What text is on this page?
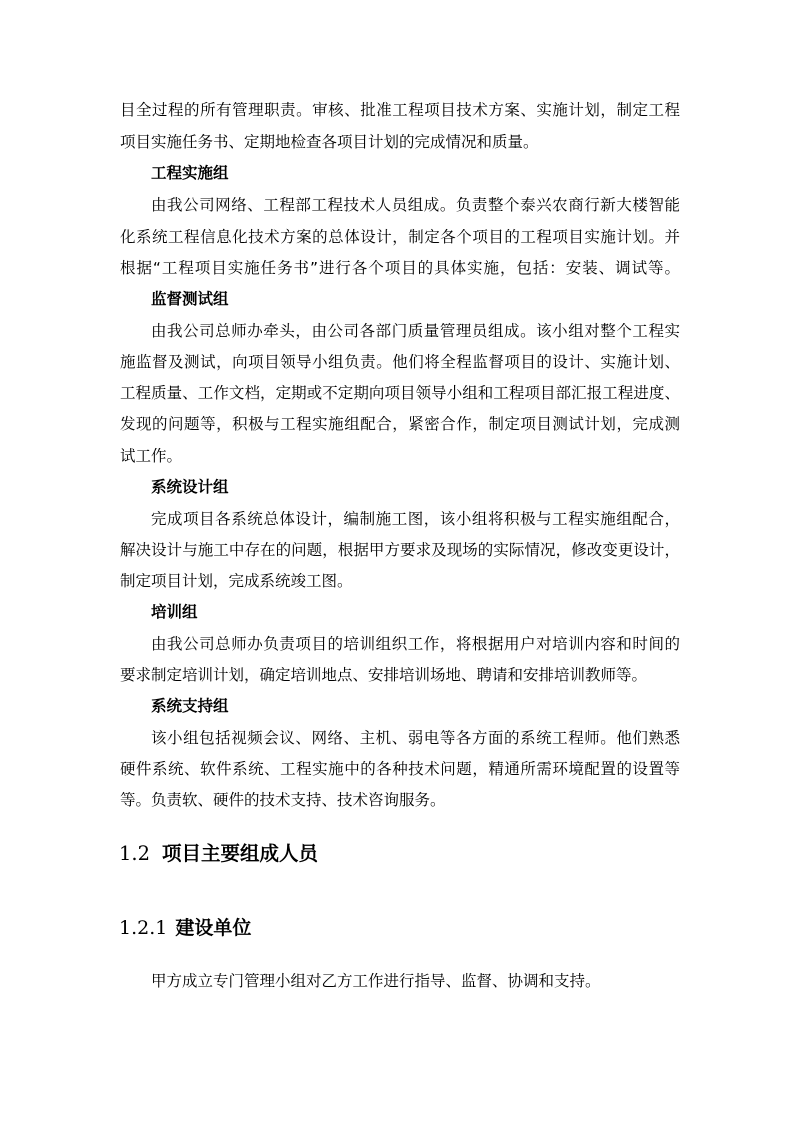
目全过程的所有管理职责。审核、批准工程项目技术方案、实施计划，制定工程
项目实施任务书、定期地检查各项目计划的完成情况和质量。
工程实施组
由我公司网络、工程部工程技术人员组成。负责整个泰兴农商行新大楼智能
化系统工程信息化技术方案的总体设计，制定各个项目的工程项目实施计划。并
根据“工程项目实施任务书”进行各个项目的具体实施，包括：安装、调试等。
监督测试组
由我公司总师办牵头，由公司各部门质量管理员组成。该小组对整个工程实
施监督及测试，向项目领导小组负责。他们将全程监督项目的设计、实施计划、
工程质量、工作文档，定期或不定期向项目领导小组和工程项目部汇报工程进度、
发现的问题等，积极与工程实施组配合，紧密合作，制定项目测试计划，完成测
试工作。
系统设计组
完成项目各系统总体设计，编制施工图，该小组将积极与工程实施组配合，
解决设计与施工中存在的问题，根据甲方要求及现场的实际情况，修改变更设计，
制定项目计划，完成系统竣工图。
培训组
由我公司总师办负责项目的培训组织工作，将根据用户对培训内容和时间的
要求制定培训计划，确定培训地点、安排培训场地、聘请和安排培训教师等。
系统支持组
该小组包括视频会议、网络、主机、弱电等各方面的系统工程师。他们熟悉
硬件系统、软件系统、工程实施中的各种技术问题，精通所需环境配置的设置等
等。负责软、硬件的技术支持、技术咨询服务。
1.2 项目主要组成人员
1.2.1 建设单位
甲方成立专门管理小组对乙方工作进行指导、监督、协调和支持。
